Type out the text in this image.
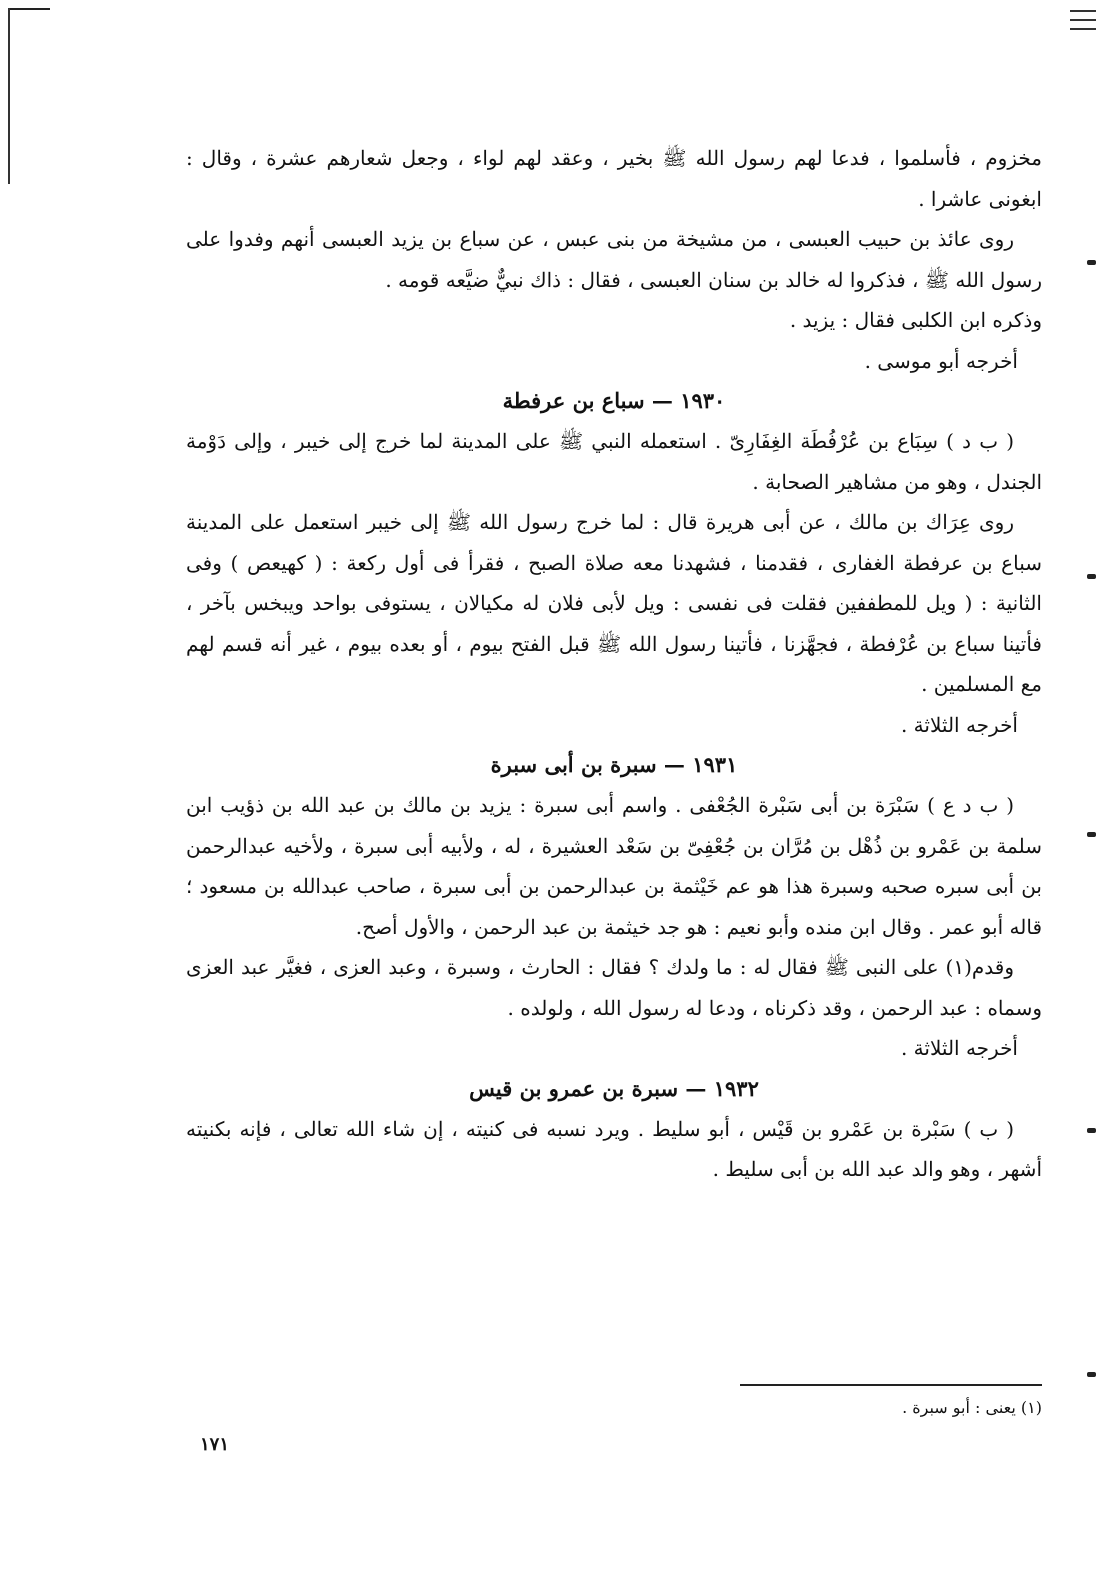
مخزوم ، فأسلموا ، فدعا لهم رسول الله ﷺ بخير ، وعقد لهم لواء ، وجعل شعارهم عشرة ، وقال : ابغونى عاشرا .

روى عائذ بن حبيب العبسى ، من مشيخة من بنى عبس ، عن سباع بن يزيد العبسى أنهم وفدوا على رسول الله ﷺ ، فذكروا له خالد بن سنان العبسى ، فقال : ذاك نبيٌّ ضيَّعه قومه .

وذكره ابن الكلبى فقال : يزيد .

أخرجه أبو موسى .

١٩٣٠ — سباع بن عرفطة

( ب د ) سِبَاع بن عُرْفُطَة الغِفَارِىّ . استعمله النبي ﷺ على المدينة لما خرج إلى خيبر ، وإلى دَوْمة الجندل ، وهو من مشاهير الصحابة .

روى عِرَاك بن مالك ، عن أبى هريرة قال : لما خرج رسول الله ﷺ إلى خيبر استعمل على المدينة سباع بن عرفطة الغفارى ، فقدمنا ، فشهدنا معه صلاة الصبح ، فقرأ فى أول ركعة : ( كهيعص ) وفى الثانية : ( ويل للمطففين فقلت فى نفسى : ويل لأبى فلان له مكيالان ، يستوفى بواحد ويبخس بآخر ، فأتينا سباع بن عُرْفطة ، فجهَّزنا ، فأتينا رسول الله ﷺ قبل الفتح بيوم ، أو بعده بيوم ، غير أنه قسم لهم مع المسلمين .

أخرجه الثلاثة .

١٩٣١ — سبرة بن أبى سبرة

( ب د ع ) سَبْرَة بن أبى سَبْرة الجُعْفى . واسم أبى سبرة : يزيد بن مالك بن عبد الله بن ذؤيب ابن سلمة بن عَمْرو بن ذُهْل بن مُرَّان بن جُعْفِىّ بن سَعْد العشيرة ، له ، ولأبيه أبى سبرة ، ولأخيه عبدالرحمن بن أبى سبره صحبه وسبرة هذا هو عم خَيْثمة بن عبدالرحمن بن أبى سبرة ، صاحب عبدالله بن مسعود ؛ قاله أبو عمر . وقال ابن منده وأبو نعيم : هو جد خيثمة بن عبد الرحمن ، والأول أصح.

وقدم(١) على النبى ﷺ فقال له : ما ولدك ؟ فقال : الحارث ، وسبرة ، وعبد العزى ، فغيَّر عبد العزى وسماه : عبد الرحمن ، وقد ذكرناه ، ودعا له رسول الله ، ولولده .

أخرجه الثلاثة .

١٩٣٢ — سبرة بن عمرو بن قيس

( ب ) سَبْرة بن عَمْرو بن قَيْس ، أبو سليط . ويرد نسبه فى كنيته ، إن شاء الله تعالى ، فإنه بكنيته أشهر ، وهو والد عبد الله بن أبى سليط .

(١) يعنى : أبو سبرة .
١٧١
